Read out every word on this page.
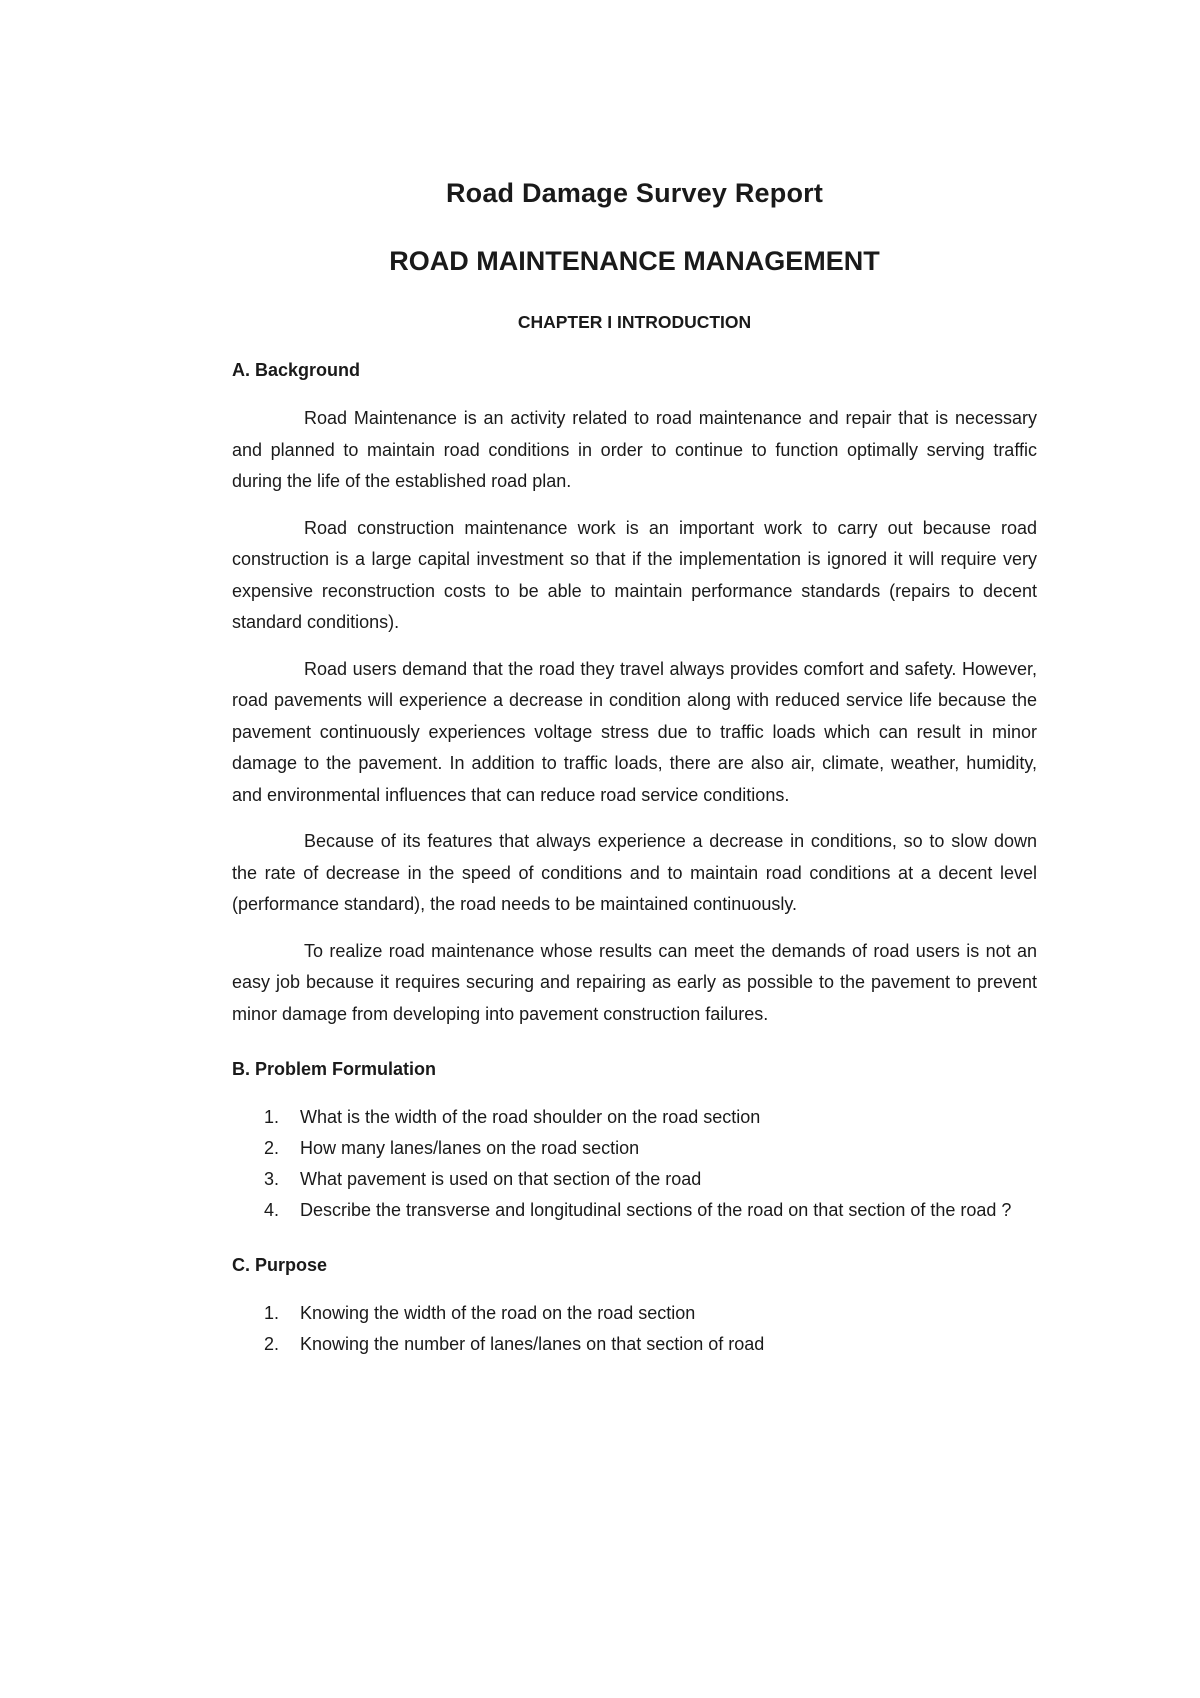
Road Damage Survey Report
ROAD MAINTENANCE MANAGEMENT
CHAPTER I INTRODUCTION
A. Background

Road Maintenance is an activity related to road maintenance and repair that is necessary and planned to maintain road conditions in order to continue to function optimally serving traffic during the life of the established road plan.

Road construction maintenance work is an important work to carry out because road construction is a large capital investment so that if the implementation is ignored it will require very expensive reconstruction costs to be able to maintain performance standards (repairs to decent standard conditions).

Road users demand that the road they travel always provides comfort and safety. However, road pavements will experience a decrease in condition along with reduced service life because the pavement continuously experiences voltage stress due to traffic loads which can result in minor damage to the pavement. In addition to traffic loads, there are also air, climate, weather, humidity, and environmental influences that can reduce road service conditions.

Because of its features that always experience a decrease in conditions, so to slow down the rate of decrease in the speed of conditions and to maintain road conditions at a decent level (performance standard), the road needs to be maintained continuously.

To realize road maintenance whose results can meet the demands of road users is not an easy job because it requires securing and repairing as early as possible to the pavement to prevent minor damage from developing into pavement construction failures.

B. Problem Formulation
1.	What is the width of the road shoulder on the road section
2.	How many lanes/lanes on the road section
3.	What pavement is used on that section of the road
4.	Describe the transverse and longitudinal sections of the road on that section of the road ?
C. Purpose
1.	Knowing the width of the road on the road section
2.	Knowing the number of lanes/lanes on that section of road
